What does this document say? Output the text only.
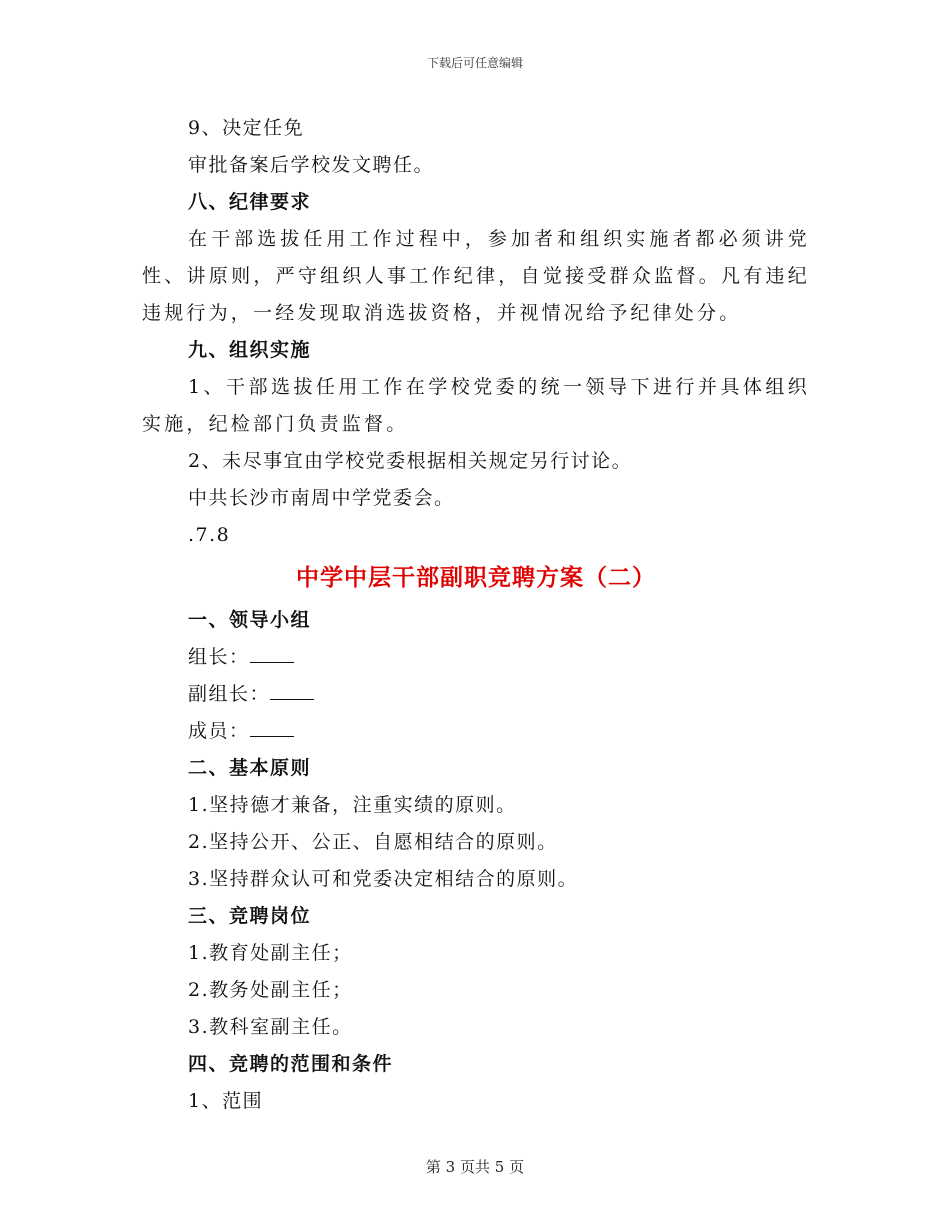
下载后可任意编辑
9、决定任免
审批备案后学校发文聘任。
八、纪律要求
在干部选拔任用工作过程中，参加者和组织实施者都必须讲党性、讲原则，严守组织人事工作纪律，自觉接受群众监督。凡有违纪违规行为，一经发现取消选拔资格，并视情况给予纪律处分。
九、组织实施
1、干部选拔任用工作在学校党委的统一领导下进行并具体组织实施，纪检部门负责监督。
2、未尽事宜由学校党委根据相关规定另行讨论。
中共长沙市南周中学党委会。
.7.8
中学中层干部副职竞聘方案（二）
一、领导小组
组长：
副组长：
成员：
二、基本原则
1.坚持德才兼备，注重实绩的原则。
2.坚持公开、公正、自愿相结合的原则。
3.坚持群众认可和党委决定相结合的原则。
三、竞聘岗位
1.教育处副主任；
2.教务处副主任；
3.教科室副主任。
四、竞聘的范围和条件
1、范围
第 3 页共 5 页
